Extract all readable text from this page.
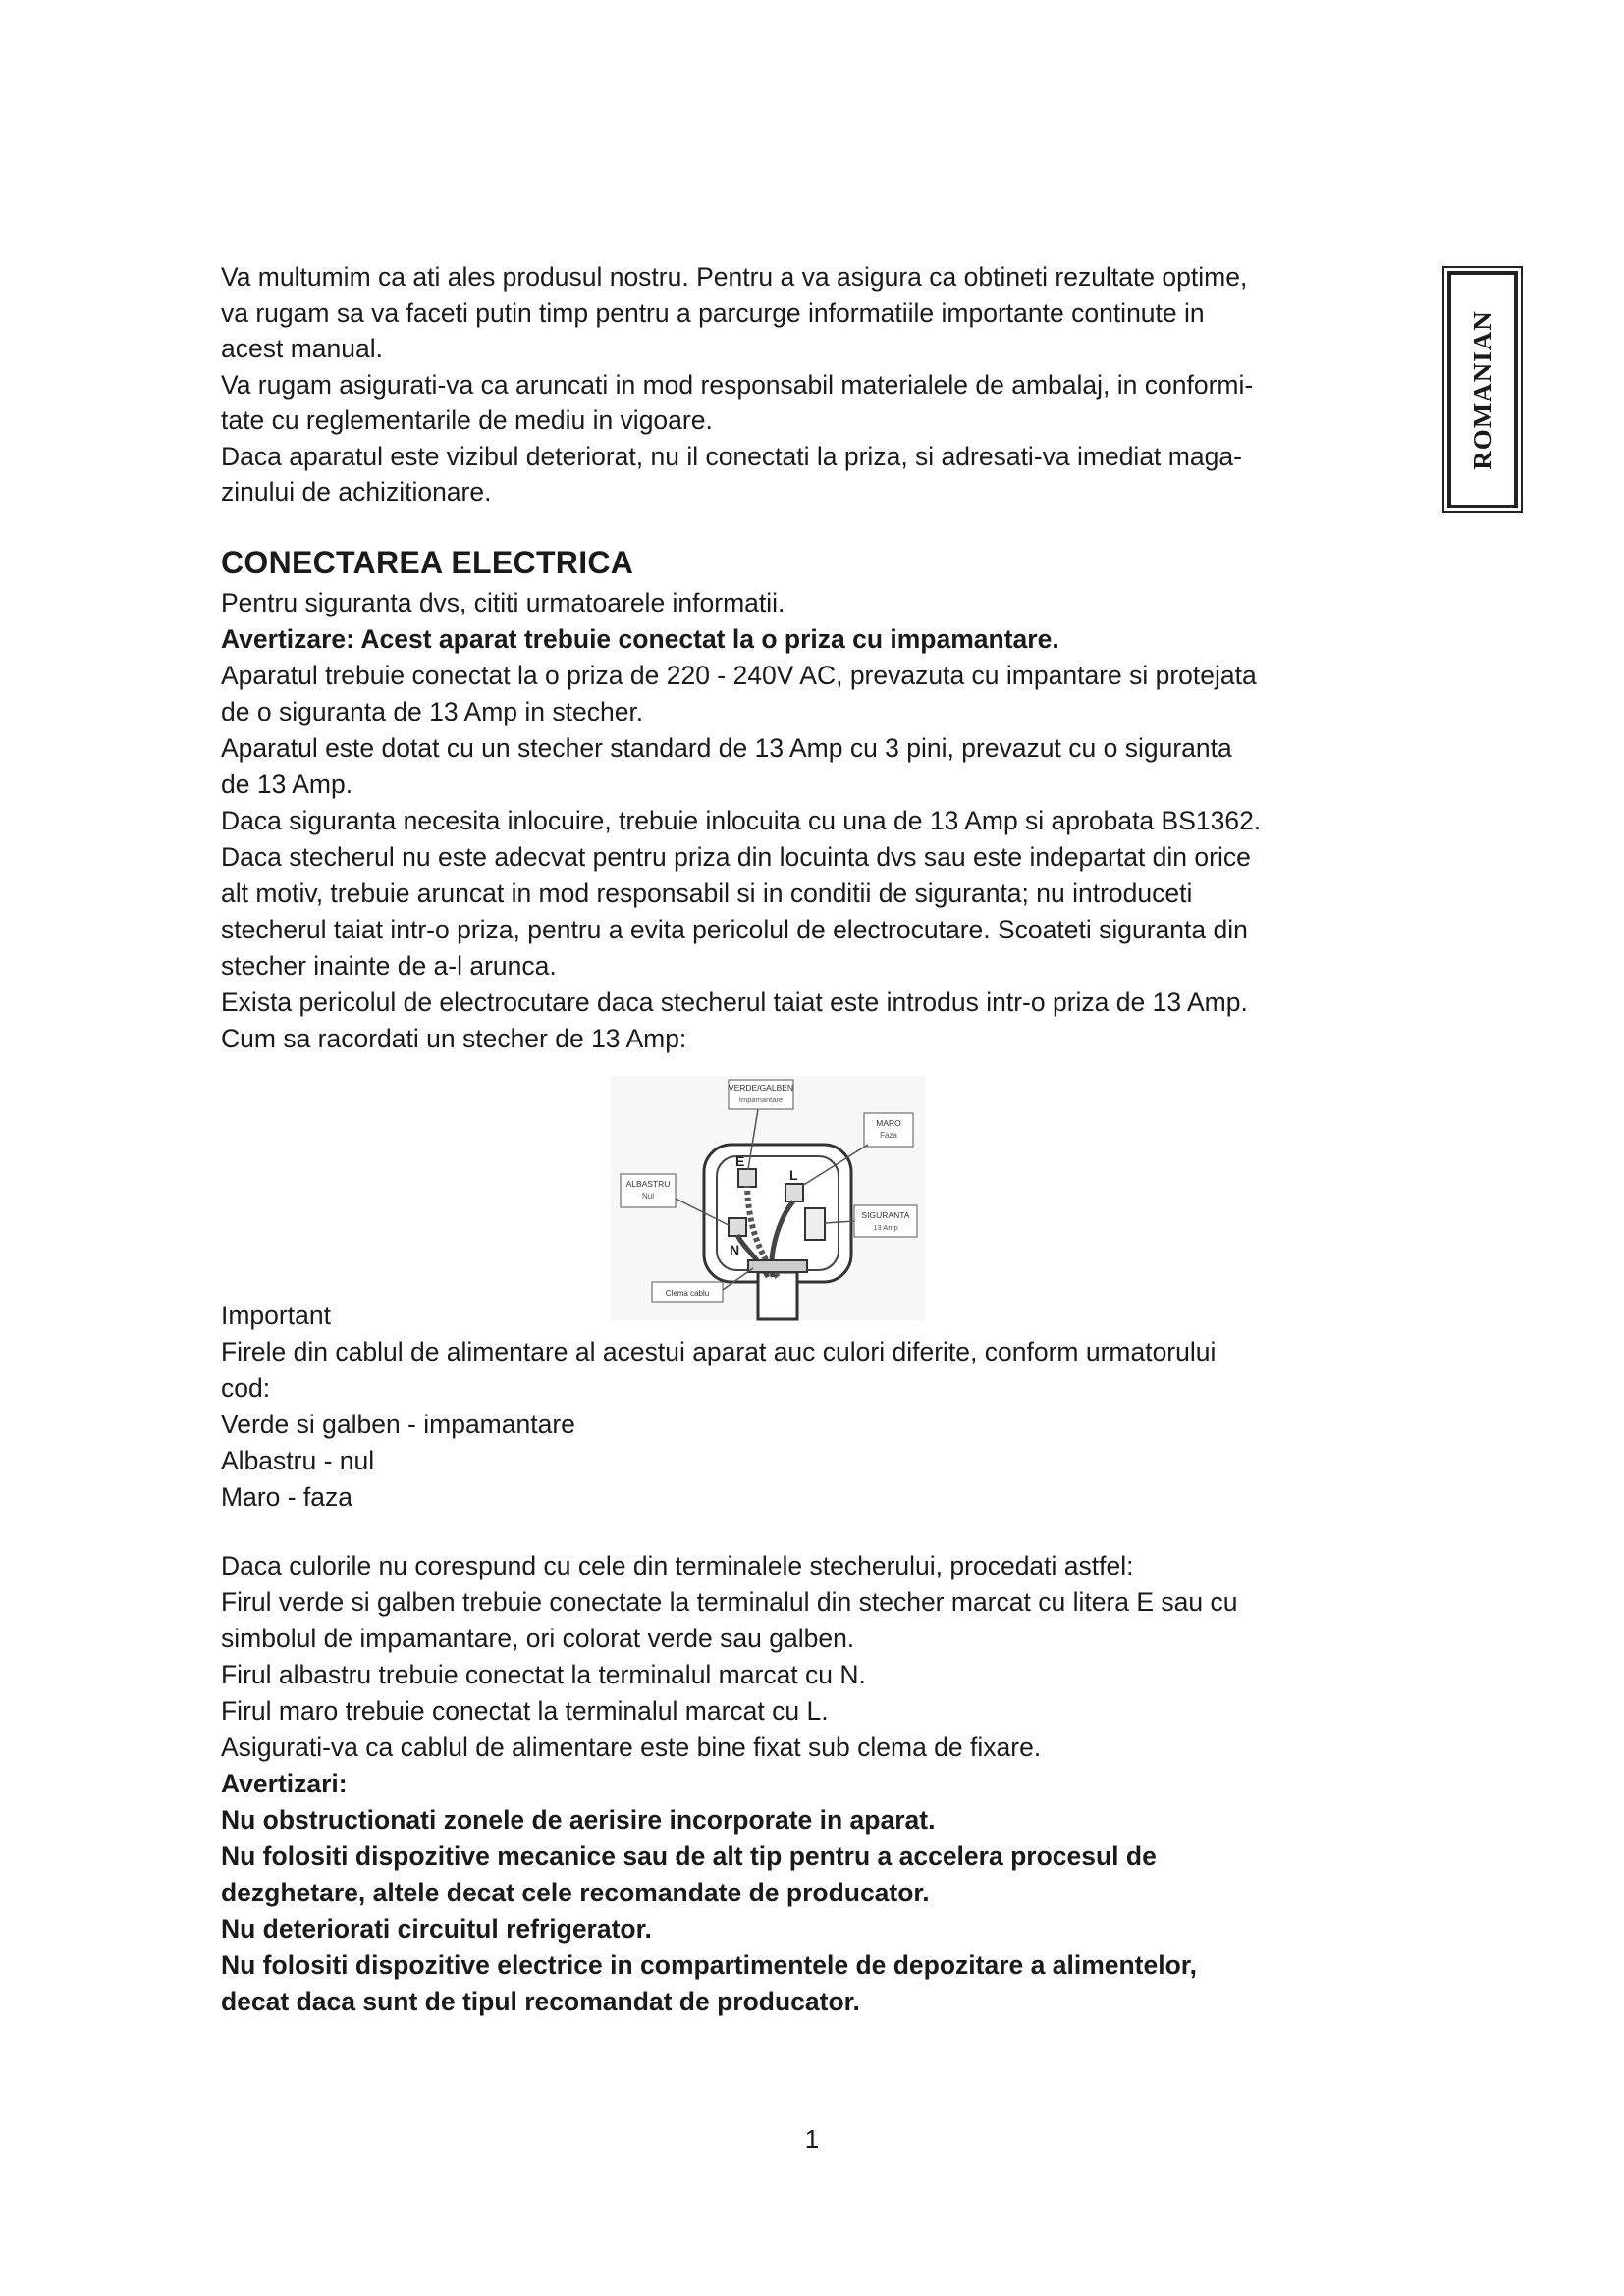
ROMANIAN

Va multumim ca ati ales produsul nostru. Pentru a va asigura ca obtineti rezultate optime,

va rugam sa va faceti putin timp pentru a parcurge informatiile importante continute in

acest manual.

Va rugam asigurati-va ca aruncati in mod responsabil materialele de ambalaj, in conformi-

tate cu reglementarile de mediu in vigoare.

Daca aparatul este vizibul deteriorat, nu il conectati la priza, si adresati-va imediat maga-

zinului de achizitionare.

CONECTAREA ELECTRICA

Pentru siguranta dvs, cititi urmatoarele informatii.

Avertizare: Acest aparat trebuie conectat la o priza cu impamantare.

Aparatul trebuie conectat la o priza de 220 - 240V AC, prevazuta cu impantare si protejata

de o siguranta de 13 Amp in stecher.

Aparatul este dotat cu un stecher standard de 13 Amp cu 3 pini, prevazut cu o siguranta

de 13 Amp.

Daca siguranta necesita inlocuire, trebuie inlocuita cu una de 13 Amp si aprobata BS1362.

Daca stecherul nu este adecvat pentru priza din locuinta dvs sau este indepartat din orice

alt motiv, trebuie aruncat in mod responsabil si in conditii de siguranta; nu introduceti

stecherul taiat intr-o priza, pentru a evita pericolul de electrocutare. Scoateti siguranta din

stecher inainte de a-l arunca.

Exista pericolul de electrocutare daca stecherul taiat este introdus intr-o priza de 13 Amp.

Cum sa racordati un stecher de 13 Amp:

E
L
N
VERDE/GALBEN
Impamantare
MARO
Faza
ALBASTRU
Nul
SIGURANTA
13 Amp
Clema cablu

Important

Firele din cablul de alimentare al acestui aparat auc culori diferite, conform urmatorului

cod:

Verde si galben - impamantare

Albastru - nul

Maro - faza

Daca culorile nu corespund cu cele din terminalele stecherului, procedati astfel:

Firul verde si galben trebuie conectate la terminalul din stecher marcat cu litera E sau cu

simbolul de impamantare, ori colorat verde sau galben.

Firul albastru trebuie conectat la terminalul marcat cu N.

Firul maro trebuie conectat la terminalul marcat cu L.

Asigurati-va ca cablul de alimentare este bine fixat sub clema de fixare.

Avertizari:

Nu obstructionati zonele de aerisire incorporate in aparat.

Nu folositi dispozitive mecanice sau de alt tip pentru a accelera procesul de

dezghetare, altele decat cele recomandate de producator.

Nu deteriorati circuitul refrigerator.

Nu folositi dispozitive electrice in compartimentele de depozitare a alimentelor,

decat daca sunt de tipul recomandat de producator.

1
